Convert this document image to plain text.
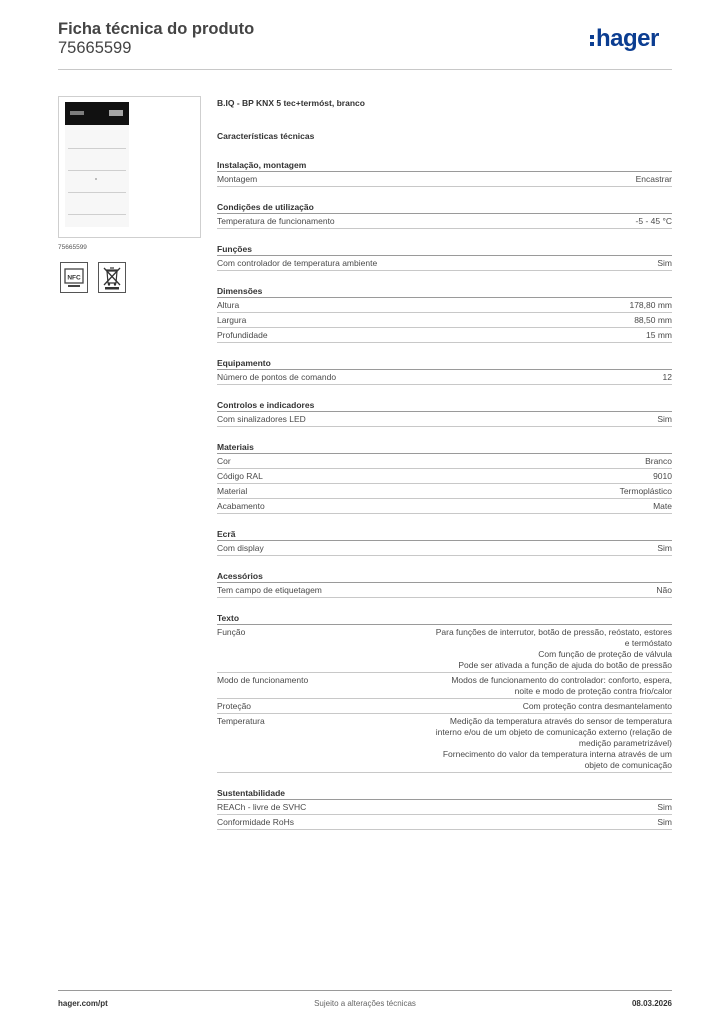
Ficha técnica do produto
75665599	hager
75665599
NFC
B.IQ - BP KNX 5 tec+termóst, branco
Características técnicas
Instalação, montagem
Montagem	Encastrar
Condições de utilização
Temperatura de funcionamento	-5 - 45 °C
Funções
Com controlador de temperatura ambiente	Sim
Dimensões
Altura	178,80 mm
Largura	88,50 mm
Profundidade	15 mm
Equipamento
Número de pontos de comando	12
Controlos e indicadores
Com sinalizadores LED	Sim
Materiais
Cor	Branco
Código RAL	9010
Material	Termoplástico
Acabamento	Mate
Ecrã
Com display	Sim
Acessórios
Tem campo de etiquetagem	Não
Texto
Função	Para funções de interrutor, botão de pressão, reóstato, estores
e termóstato
Com função de proteção de válvula
Pode ser ativada a função de ajuda do botão de pressão
Modo de funcionamento	Modos de funcionamento do controlador: conforto, espera,
noite e modo de proteção contra frio/calor
Proteção	Com proteção contra desmantelamento
Temperatura	Medição da temperatura através do sensor de temperatura
interno e/ou de um objeto de comunicação externo (relação de
medição parametrizável)
Fornecimento do valor da temperatura interna através de um
objeto de comunicação
Sustentabilidade
REACh - livre de SVHC	Sim
Conformidade RoHs	Sim
hager.com/pt	Sujeito a alterações técnicas	08.03.2026
